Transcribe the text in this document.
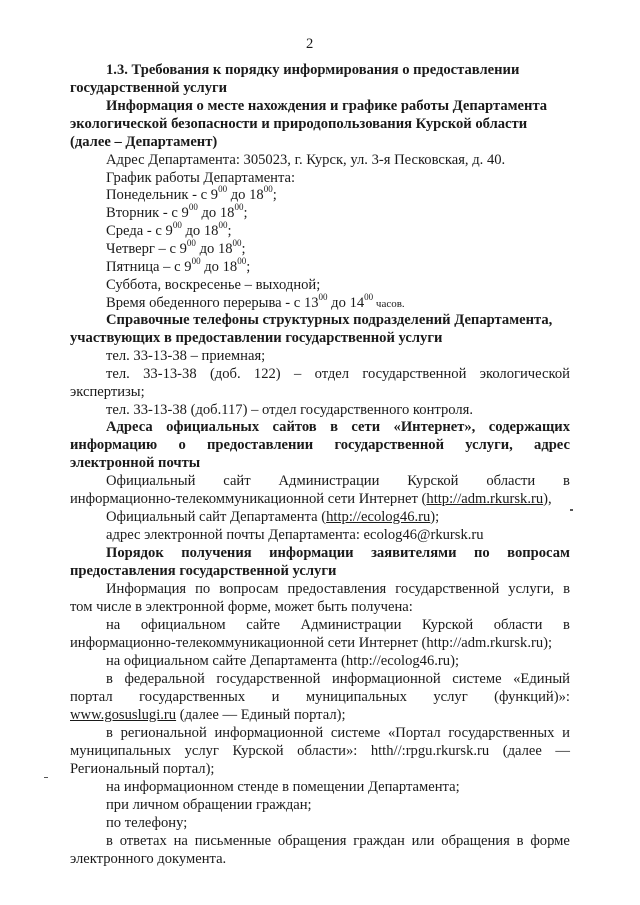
2
1.3. Требования к порядку информирования о предоставлении
государственной услуги
Информация о месте нахождения и графике работы Департамента
экологической безопасности и природопользования Курской области
(далее – Департамент)
Адрес Департамента: 305023, г. Курск, ул. 3-я Песковская, д. 40.
График работы Департамента:
Понедельник - с $9^{00}$ до $18^{00}$;
Вторник - с $9^{00}$ до $18^{00}$;
Среда - с $9^{00}$ до $18^{00}$;
Четверг – с $9^{00}$ до $18^{00}$;
Пятница – с $9^{00}$ до $18^{00}$;
Суббота, воскресенье – выходной;
Время обеденного перерыва - с $13^{00}$ до $14^{00}$ часов.
Справочные телефоны структурных подразделений Департамента,
участвующих в предоставлении государственной услуги
тел. 33-13-38 – приемная;
тел. 33-13-38 (доб. 122) – отдел государственной экологической
экспертизы;
тел. 33-13-38 (доб.117) – отдел государственного контроля.
Адреса официальных сайтов в сети «Интернет», содержащих
информацию о предоставлении государственной услуги, адрес
электронной почты
Официальный сайт Администрации Курской области в
информационно-телекоммуникационной сети Интернет (http://adm.rkursk.ru),
Официальный сайт Департамента (http://ecolog46.ru);
адрес электронной почты Департамента: ecolog46@rkursk.ru
Порядок получения информации заявителями по вопросам
предоставления государственной услуги
Информация по вопросам предоставления государственной услуги, в
том числе в электронной форме, может быть получена:
на официальном сайте Администрации Курской области в
информационно-телекоммуникационной сети Интернет (http://adm.rkursk.ru);
на официальном сайте Департамента (http://ecolog46.ru);
в федеральной государственной информационной системе «Единый
портал государственных и муниципальных услуг (функций)»:
www.gosuslugi.ru (далее — Единый портал);
в региональной информационной системе «Портал государственных и
муниципальных услуг Курской области»: htth//:rpgu.rkursk.ru (далее —
Региональный портал);
на информационном стенде в помещении Департамента;
при личном обращении граждан;
по телефону;
в ответах на письменные обращения граждан или обращения в форме
электронного документа.
